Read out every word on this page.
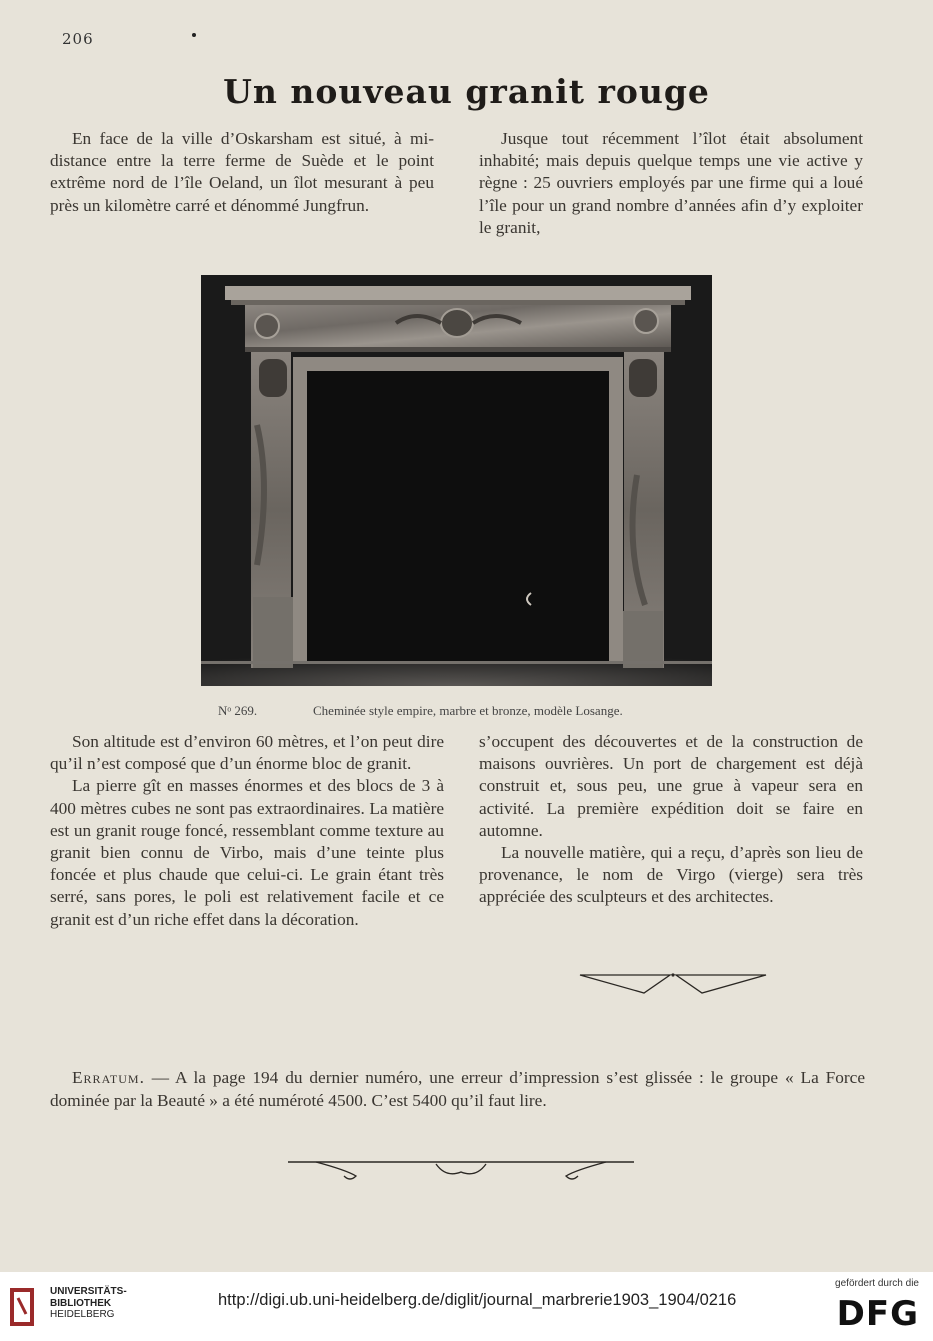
206
Un nouveau granit rouge

En face de la ville d’Oskarsham est situé, à mi-distance entre la terre ferme de Suède et le point extrême nord de l’île Oeland, un îlot mesurant à peu près un kilomètre carré et dénommé Jungfrun.

Jusque tout récemment l’îlot était absolument inhabité; mais depuis quelque temps une vie active y règne : 25 ouvriers employés par une firme qui a loué l’île pour un grand nombre d’années afin d’y exploiter le granit,

Nᵒ 269.	Cheminée style empire, marbre et bronze, modèle Losange.

Son altitude est d’environ 60 mètres, et l’on peut dire qu’il n’est composé que d’un énorme bloc de granit.

La pierre gît en masses énormes et des blocs de 3 à 400 mètres cubes ne sont pas extraordinaires. La matière est un granit rouge foncé, ressemblant comme texture au granit bien connu de Virbo, mais d’une teinte plus foncée et plus chaude que celui-ci. Le grain étant très serré, sans pores, le poli est relativement facile et ce granit est d’un riche effet dans la décoration.

s’occupent des découvertes et de la construction de maisons ouvrières. Un port de chargement est déjà construit et, sous peu, une grue à vapeur sera en activité. La première expédition doit se faire en automne.

La nouvelle matière, qui a reçu, d’après son lieu de provenance, le nom de Virgo (vierge) sera très appréciée des sculpteurs et des architectes.

Erratum. — A la page 194 du dernier numéro, une erreur d’impression s’est glissée : le groupe « La Force dominée par la Beauté » a été numéroté 4500. C’est 5400 qu’il faut lire.
UNIVERSITÄTS-
BIBLIOTHEK
HEIDELBERG
http://digi.ub.uni-heidelberg.de/diglit/journal_marbrerie1903_1904/0216
gefördert durch die
DFG
